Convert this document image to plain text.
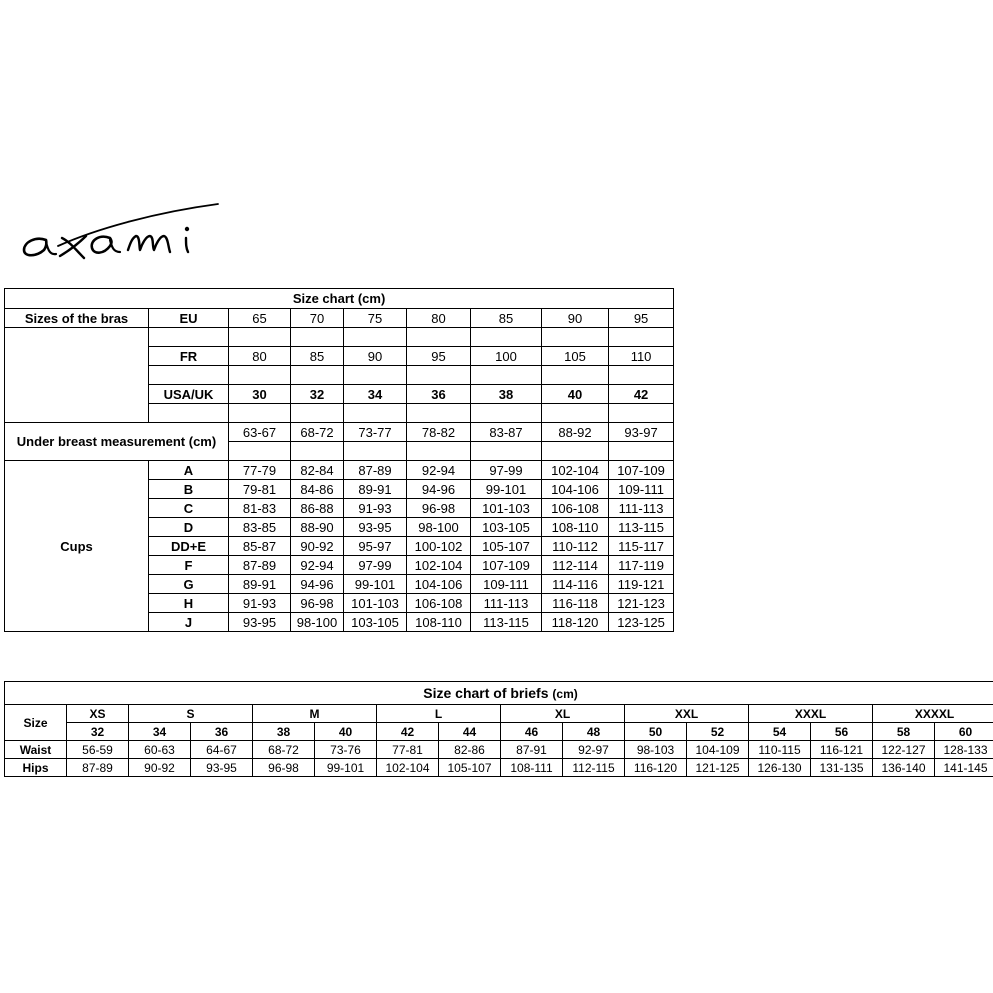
Size chart (cm)								
Sizes of the bras	EU	65	70	75	80	85	90	95

	FR	80	85	90	95	100	105	110

	USA/UK	30	32	34	36	38	40	42

Under breast measurement (cm)		63-67	68-72	73-77	78-82	83-87	88-92	93-97

Cups	A	77-79	82-84	87-89	92-94	97-99	102-104	107-109
	B	79-81	84-86	89-91	94-96	99-101	104-106	109-111
	C	81-83	86-88	91-93	96-98	101-103	106-108	111-113
	D	83-85	88-90	93-95	98-100	103-105	108-110	113-115
	DD+E	85-87	90-92	95-97	100-102	105-107	110-112	115-117
	F	87-89	92-94	97-99	102-104	107-109	112-114	117-119
	G	89-91	94-96	99-101	104-106	109-111	114-116	119-121
	H	91-93	96-98	101-103	106-108	111-113	116-118	121-123
	J	93-95	98-100	103-105	108-110	113-115	118-120	123-125
Size chart of briefs (cm)															
Size	XS	S		M		L		XL		XXL		XXXL		XXXXL	
	32	34	36	38	40	42	44	46	48	50	52	54	56	58	60
Waist	56-59	60-63	64-67	68-72	73-76	77-81	82-86	87-91	92-97	98-103	104-109	110-115	116-121	122-127	128-133
Hips	87-89	90-92	93-95	96-98	99-101	102-104	105-107	108-111	112-115	116-120	121-125	126-130	131-135	136-140	141-145
